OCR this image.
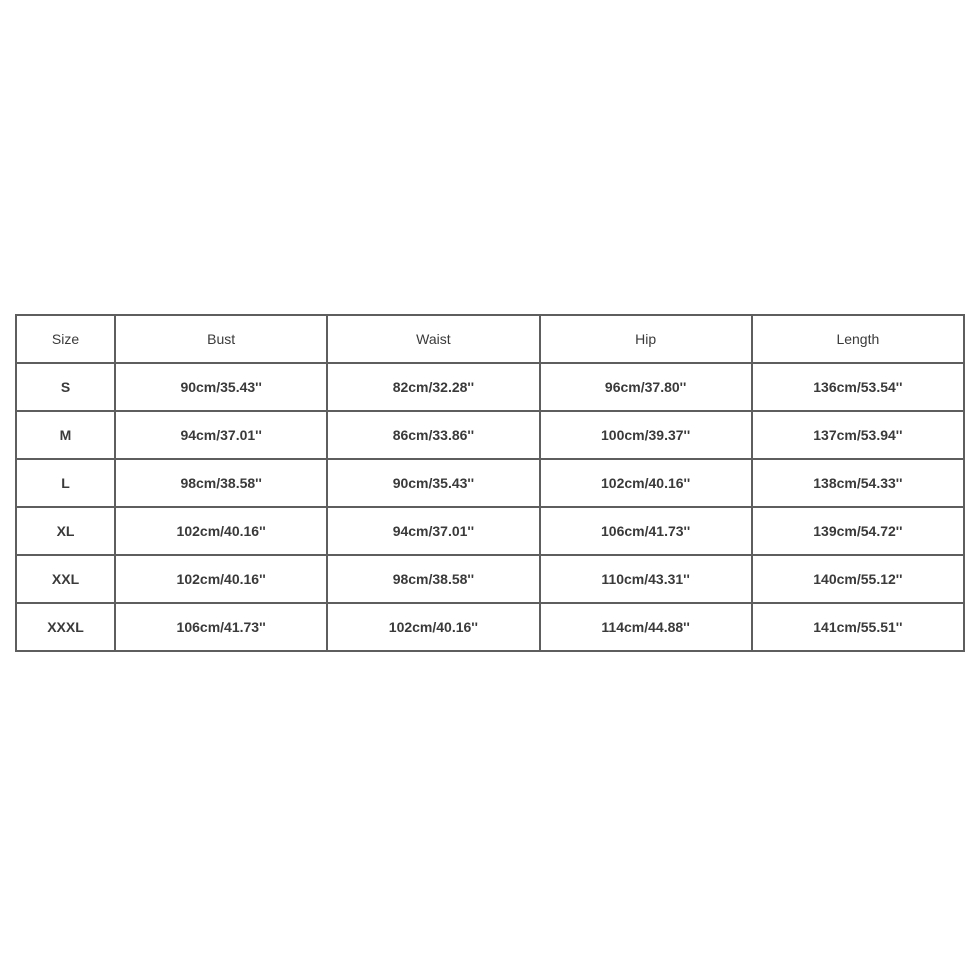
Size	Bust	Waist	Hip	Length
S	90cm/35.43''	82cm/32.28''	96cm/37.80''	136cm/53.54''
M	94cm/37.01''	86cm/33.86''	100cm/39.37''	137cm/53.94''
L	98cm/38.58''	90cm/35.43''	102cm/40.16''	138cm/54.33''
XL	102cm/40.16''	94cm/37.01''	106cm/41.73''	139cm/54.72''
XXL	102cm/40.16''	98cm/38.58''	110cm/43.31''	140cm/55.12''
XXXL	106cm/41.73''	102cm/40.16''	114cm/44.88''	141cm/55.51''
